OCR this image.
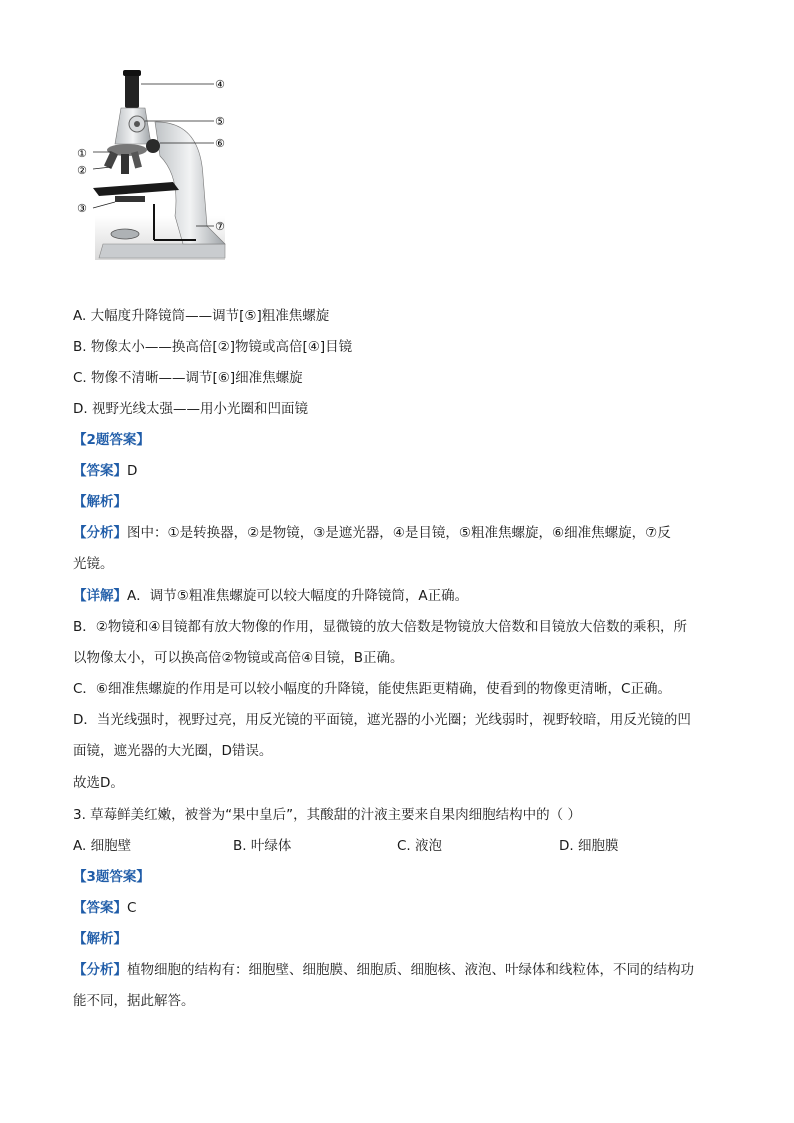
④
⑤
⑥
①
②
③
⑦
A. 大幅度升降镜筒——调节[⑤]粗准焦螺旋
B. 物像太小——换高倍[②]物镜或高倍[④]目镜
C. 物像不清晰——调节[⑥]细准焦螺旋
D. 视野光线太强——用小光圈和凹面镜
【2题答案】
【答案】D
【解析】
【分析】图中：①是转换器，②是物镜，③是遮光器，④是目镜，⑤粗准焦螺旋，⑥细准焦螺旋，⑦反
光镜。
【详解】A．调节⑤粗准焦螺旋可以较大幅度的升降镜筒，A正确。
B．②物镜和④目镜都有放大物像的作用，显微镜的放大倍数是物镜放大倍数和目镜放大倍数的乘积，所
以物像太小，可以换高倍②物镜或高倍④目镜，B正确。
C．⑥细准焦螺旋的作用是可以较小幅度的升降镜，能使焦距更精确，使看到的物像更清晰，C正确。
D．当光线强时，视野过亮，用反光镜的平面镜，遮光器的小光圈；光线弱时，视野较暗，用反光镜的凹
面镜，遮光器的大光圈，D错误。
故选D。
3. 草莓鲜美红嫩，被誉为“果中皇后”，其酸甜的汁液主要来自果肉细胞结构中的（ ）
A. 细胞壁	B. 叶绿体	C. 液泡	D. 细胞膜
【3题答案】
【答案】C
【解析】
【分析】植物细胞的结构有：细胞壁、细胞膜、细胞质、细胞核、液泡、叶绿体和线粒体，不同的结构功
能不同，据此解答。
